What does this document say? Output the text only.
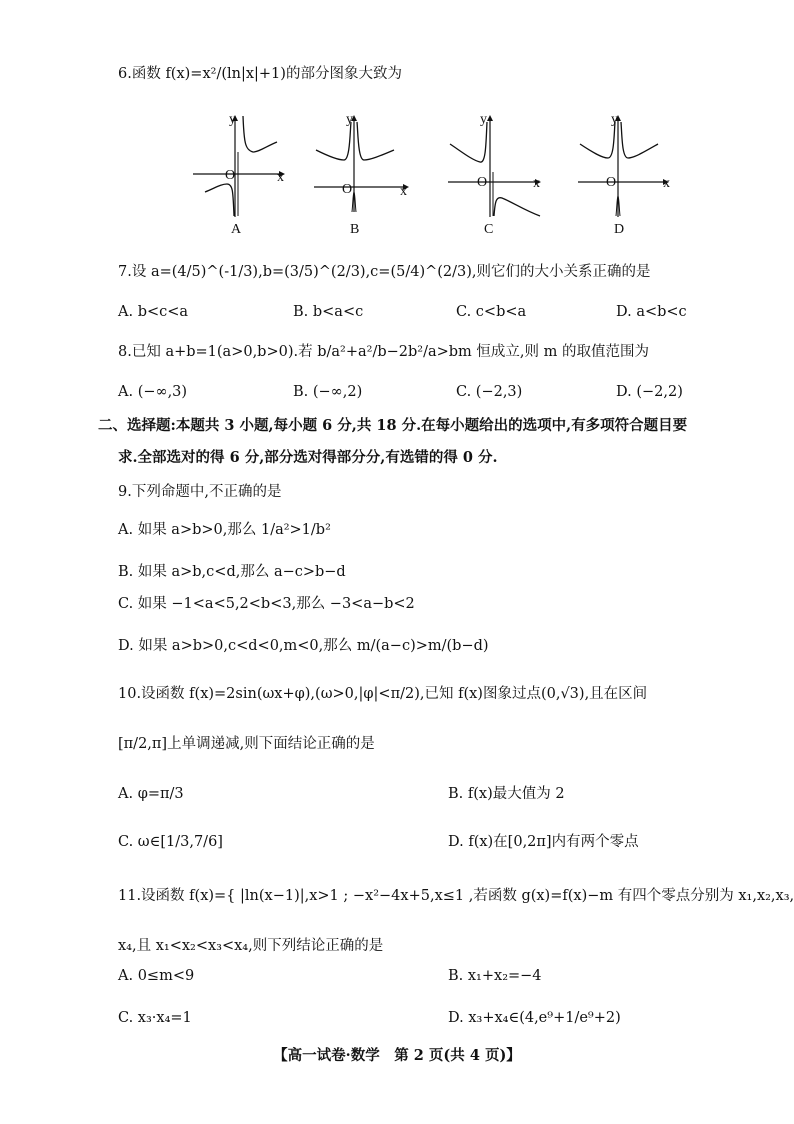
6.函数 f(x)=x²/(ln|x|+1)的部分图象大致为
y
x
O
A
y
x
O
B
y
x
O
C
y
x
O
D
7.设 a=(4/5)^(-1/3),b=(3/5)^(2/3),c=(5/4)^(2/3),则它们的大小关系正确的是
A. b<c<a	B. b<a<c	C. c<b<a	D. a<b<c
8.已知 a+b=1(a>0,b>0).若 b/a²+a²/b−2b²/a>bm 恒成立,则 m 的取值范围为
A. (−∞,3)	B. (−∞,2)	C. (−2,3)	D. (−2,2)
二、选择题:本题共 3 小题,每小题 6 分,共 18 分.在每小题给出的选项中,有多项符合题目要
求.全部选对的得 6 分,部分选对得部分分,有选错的得 0 分.
9.下列命题中,不正确的是
A. 如果 a>b>0,那么 1/a²>1/b²
B. 如果 a>b,c<d,那么 a−c>b−d
C. 如果 −1<a<5,2<b<3,那么 −3<a−b<2
D. 如果 a>b>0,c<d<0,m<0,那么 m/(a−c)>m/(b−d)
10.设函数 f(x)=2sin(ωx+φ),(ω>0,|φ|<π/2),已知 f(x)图象过点(0,√3),且在区间
[π/2,π]上单调递减,则下面结论正确的是
A. φ=π/3	B. f(x)最大值为 2
C. ω∈[1/3,7/6]	D. f(x)在[0,2π]内有两个零点
11.设函数 f(x)={ |ln(x−1)|,x>1 ; −x²−4x+5,x≤1 ,若函数 g(x)=f(x)−m 有四个零点分别为 x₁,x₂,x₃,
x₄,且 x₁<x₂<x₃<x₄,则下列结论正确的是
A. 0≤m<9	B. x₁+x₂=−4
C. x₃·x₄=1	D. x₃+x₄∈(4,e⁹+1/e⁹+2)
【高一试卷·数学　第 2 页(共 4 页)】
